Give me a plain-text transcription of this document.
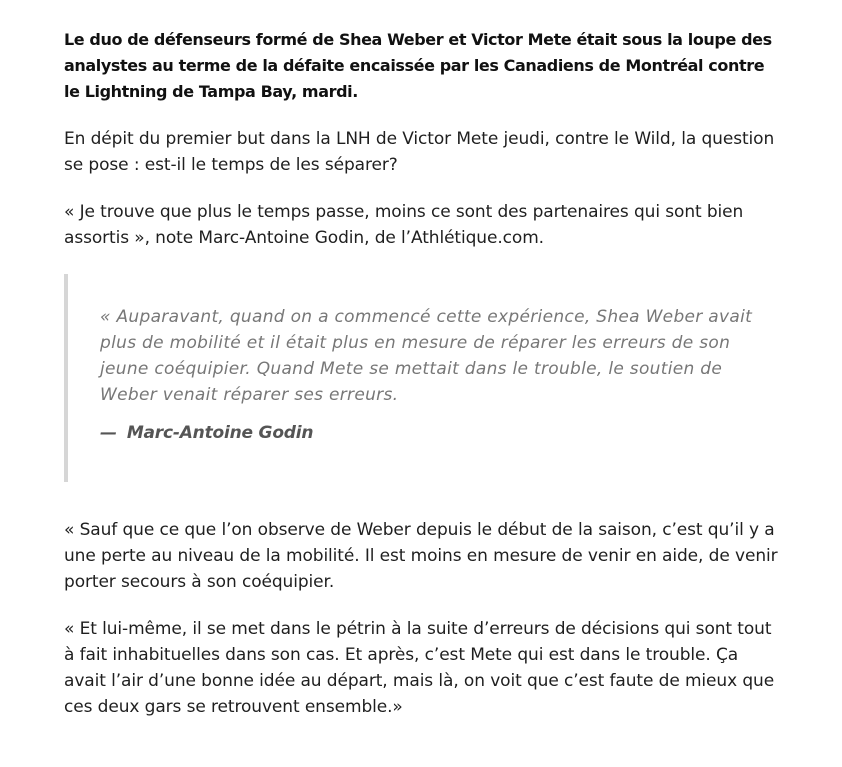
Le duo de défenseurs formé de Shea Weber et Victor Mete était sous la loupe des analystes au terme de la défaite encaissée par les Canadiens de Montréal contre le Lightning de Tampa Bay, mardi.

En dépit du premier but dans la LNH de Victor Mete jeudi, contre le Wild, la question se pose : est-il le temps de les séparer?

« Je trouve que plus le temps passe, moins ce sont des partenaires qui sont bien assortis », note Marc-Antoine Godin, de l’Athlétique.com.

« Auparavant, quand on a commencé cette expérience, Shea Weber avait plus de mobilité et il était plus en mesure de réparer les erreurs de son jeune coéquipier. Quand Mete se mettait dans le trouble, le soutien de Weber venait réparer ses erreurs.

— Marc-Antoine Godin

« Sauf que ce que l’on observe de Weber depuis le début de la saison, c’est qu’il y a une perte au niveau de la mobilité. Il est moins en mesure de venir en aide, de venir porter secours à son coéquipier.

« Et lui-même, il se met dans le pétrin à la suite d’erreurs de décisions qui sont tout à fait inhabituelles dans son cas. Et après, c’est Mete qui est dans le trouble. Ça avait l’air d’une bonne idée au départ, mais là, on voit que c’est faute de mieux que ces deux gars se retrouvent ensemble.»
